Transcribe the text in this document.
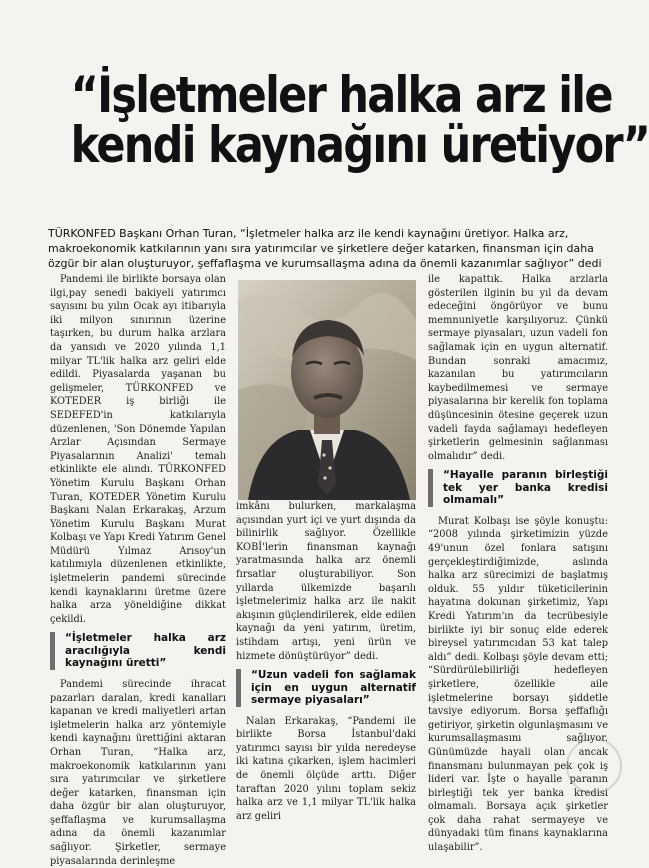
“İşletmeler halka arz ile
kendi kaynağını üretiyor”

TÜRKONFED Başkanı Orhan Turan, “İşletmeler halka arz ile kendi kaynağını üretiyor. Halka arz, makroekonomik katkılarının yanı sıra yatırımcılar ve şirketlere değer katarken, finansman için daha özgür bir alan oluşturuyor, şeffaflaşma ve kurumsallaşma adına da önemli kazanımlar sağlıyor” dedi

Pandemi ile birlikte borsaya olan ilgi,pay senedi bakiyeli yatırımcı sayısını bu yılın Ocak ayı itibarıyla iki milyon sınırının üzerine taşırken, bu durum halka arzlara da yansıdı ve 2020 yılında 1,1 milyar TL'lik halka arz geliri elde edildi. Piyasalarda yaşanan bu gelişmeler, TÜRKONFED ve KOTEDER iş birliği ile SEDEFED'in katkılarıyla düzenlenen, 'Son Dönemde Yapılan Arzlar Açısından Sermaye Piyasalarının Analizi' temalı etkinlikte ele alındı. TÜRKONFED Yönetim Kurulu Başkanı Orhan Turan, KOTEDER Yönetim Kurulu Başkanı Nalan Erkarakaş, Arzum Yönetim Kurulu Başkanı Murat Kolbaşı ve Yapı Kredi Yatırım Genel Müdürü Yılmaz Arısoy'un katılımıyla düzenlenen etkinlikte, işletmelerin pandemi sürecinde kendi kaynaklarını üretme üzere halka arza yöneldiğine dikkat çekildi.

“İşletmeler halka arz aracılığıyla kendi kaynağını üretti”

Pandemi sürecinde ihracat pazarları daralan, kredi kanalları kapanan ve kredi maliyetleri artan işletmelerin halka arz yöntemiyle kendi kaynağını ürettiğini aktaran Orhan Turan, “Halka arz, makroekonomik katkılarının yanı sıra yatırımcılar ve şirketlere değer katarken, finansman için daha özgür bir alan oluşturuyor, şeffaflaşma ve kurumsallaşma adına da önemli kazanımlar sağlıyor. Şirketler, sermaye piyasalarında derinleşme

imkânı bulurken, markalaşma açısından yurt içi ve yurt dışında da bilinirlik sağlıyor. Özellikle KOBİ'lerin finansman kaynağı yaratmasında halka arz önemli fırsatlar oluşturabiliyor. Son yıllarda ülkemizde başarılı işletmelerimiz halka arz ile nakit akışının güçlendirilerek, elde edilen kaynağı da yeni yatırım, üretim, istihdam artışı, yeni ürün ve hizmete dönüştürüyor” dedi.

“Uzun vadeli fon sağlamak için en uygun alternatif sermaye piyasaları”

Nalan Erkarakaş, “Pandemi ile birlikte Borsa İstanbul'daki yatırımcı sayısı bir yılda neredeyse iki katına çıkarken, işlem hacimleri de önemli ölçüde arttı. Diğer taraftan 2020 yılını toplam sekiz halka arz ve 1,1 milyar TL'lik halka arz geliri

ile kapattık. Halka arzlarla gösterilen ilginin bu yıl da devam edeceğini öngörüyor ve bunu memnuniyetle karşılıyoruz. Çünkü sermaye piyasaları, uzun vadeli fon sağlamak için en uygun alternatif. Bundan sonraki amacımız, kazanılan bu yatırımcıların kaybedilmemesi ve sermaye piyasalarına bir kerelik fon toplama düşüncesinin ötesine geçerek uzun vadeli fayda sağlamayı hedefleyen şirketlerin gelmesinin sağlanması olmalıdır” dedi.

“Hayalle paranın birleştiği tek yer banka kredisi olmamalı”

Murat Kolbaşı ise şöyle konuştu: “2008 yılında şirketimizin yüzde 49'unun özel fonlara satışını gerçekleştirdiğimizde, aslında halka arz sürecimizi de başlatmış olduk. 55 yıldır tüketicilerinin hayatına dokunan şirketimiz, Yapı Kredi Yatırım'ın da tecrübesiyle birlikte iyi bir sonuç elde ederek bireysel yatırımcıdan 53 kat talep aldı” dedi. Kolbaşı şöyle devam etti; “Sürdürülebilirliği hedefleyen şirketlere, özellikle aile işletmelerine borsayı şiddetle tavsiye ediyorum. Borsa şeffaflığı getiriyor, şirketin olgunlaşmasını ve kurumsallaşmasını sağlıyor. Günümüzde hayali olan ancak finansmanı bulunmayan pek çok iş lideri var. İşte o hayalle paranın birleştiği tek yer banka kredisi olmamalı. Borsaya açık şirketler çok daha rahat sermayeye ve dünyadaki tüm finans kaynaklarına ulaşabilir”.
